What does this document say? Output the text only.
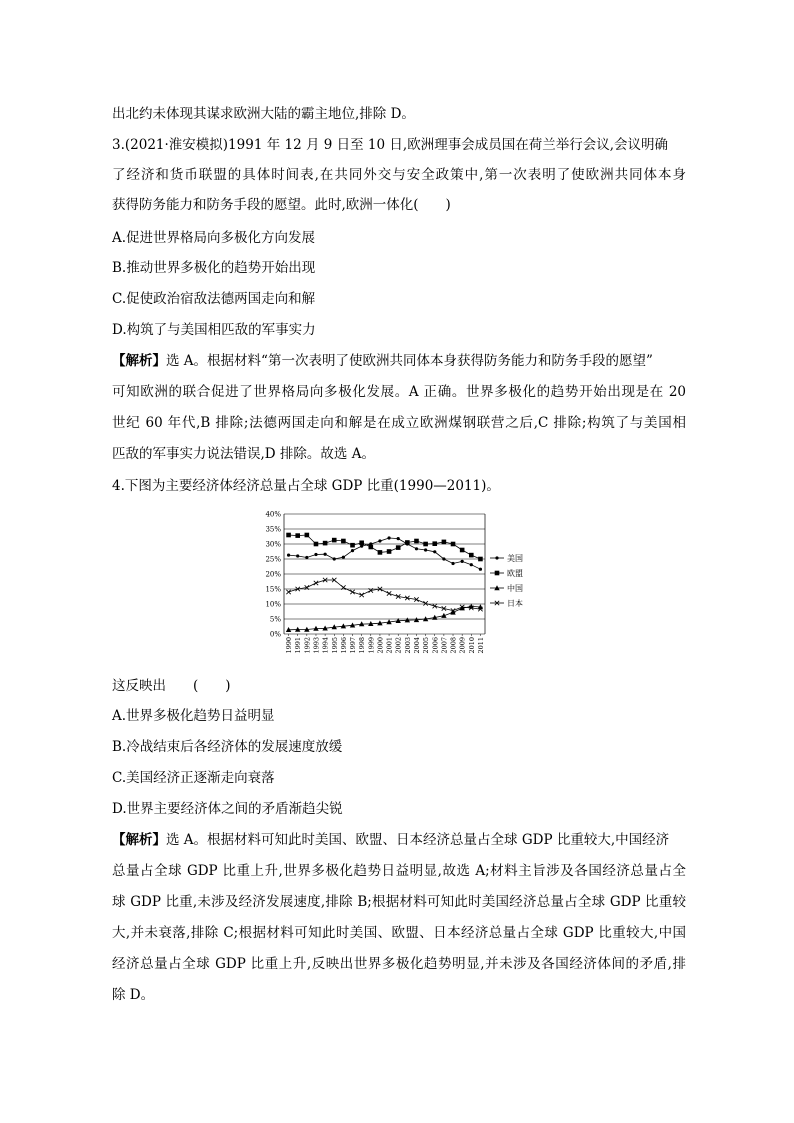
出北约未体现其谋求欧洲大陆的霸主地位,排除 D。
3.(2021·淮安模拟)1991 年 12 月 9 日至 10 日,欧洲理事会成员国在荷兰举行会议,会议明确
了经济和货币联盟的具体时间表,在共同外交与安全政策中,第一次表明了使欧洲共同体本身
获得防务能力和防务手段的愿望。此时,欧洲一体化(　　)
A.促进世界格局向多极化方向发展
B.推动世界多极化的趋势开始出现
C.促使政治宿敌法德两国走向和解
D.构筑了与美国相匹敌的军事实力
【解析】选 A。根据材料“第一次表明了使欧洲共同体本身获得防务能力和防务手段的愿望”
可知欧洲的联合促进了世界格局向多极化发展。A 正确。世界多极化的趋势开始出现是在 20
世纪 60 年代,B 排除;法德两国走向和解是在成立欧洲煤钢联营之后,C 排除;构筑了与美国相
匹敌的军事实力说法错误,D 排除。故选 A。
4.下图为主要经济体经济总量占全球 GDP 比重(1990—2011)。
0%
5%
10%
15%
20%
25%
30%
35%
40%
1990 1991 1992 1993 1994 1995 1996 1997 1998 1999 2000 2001 2002 2003 2004 2005 2006 2007 2008 2009 2010 2011
美国
欧盟
中国
日本
这反映出　　(　　)
A.世界多极化趋势日益明显
B.冷战结束后各经济体的发展速度放缓
C.美国经济正逐渐走向衰落
D.世界主要经济体之间的矛盾渐趋尖锐
【解析】选 A。根据材料可知此时美国、欧盟、日本经济总量占全球 GDP 比重较大,中国经济
总量占全球 GDP 比重上升,世界多极化趋势日益明显,故选 A;材料主旨涉及各国经济总量占全
球 GDP 比重,未涉及经济发展速度,排除 B;根据材料可知此时美国经济总量占全球 GDP 比重较
大,并未衰落,排除 C;根据材料可知此时美国、欧盟、日本经济总量占全球 GDP 比重较大,中国
经济总量占全球 GDP 比重上升,反映出世界多极化趋势明显,并未涉及各国经济体间的矛盾,排
除 D。
